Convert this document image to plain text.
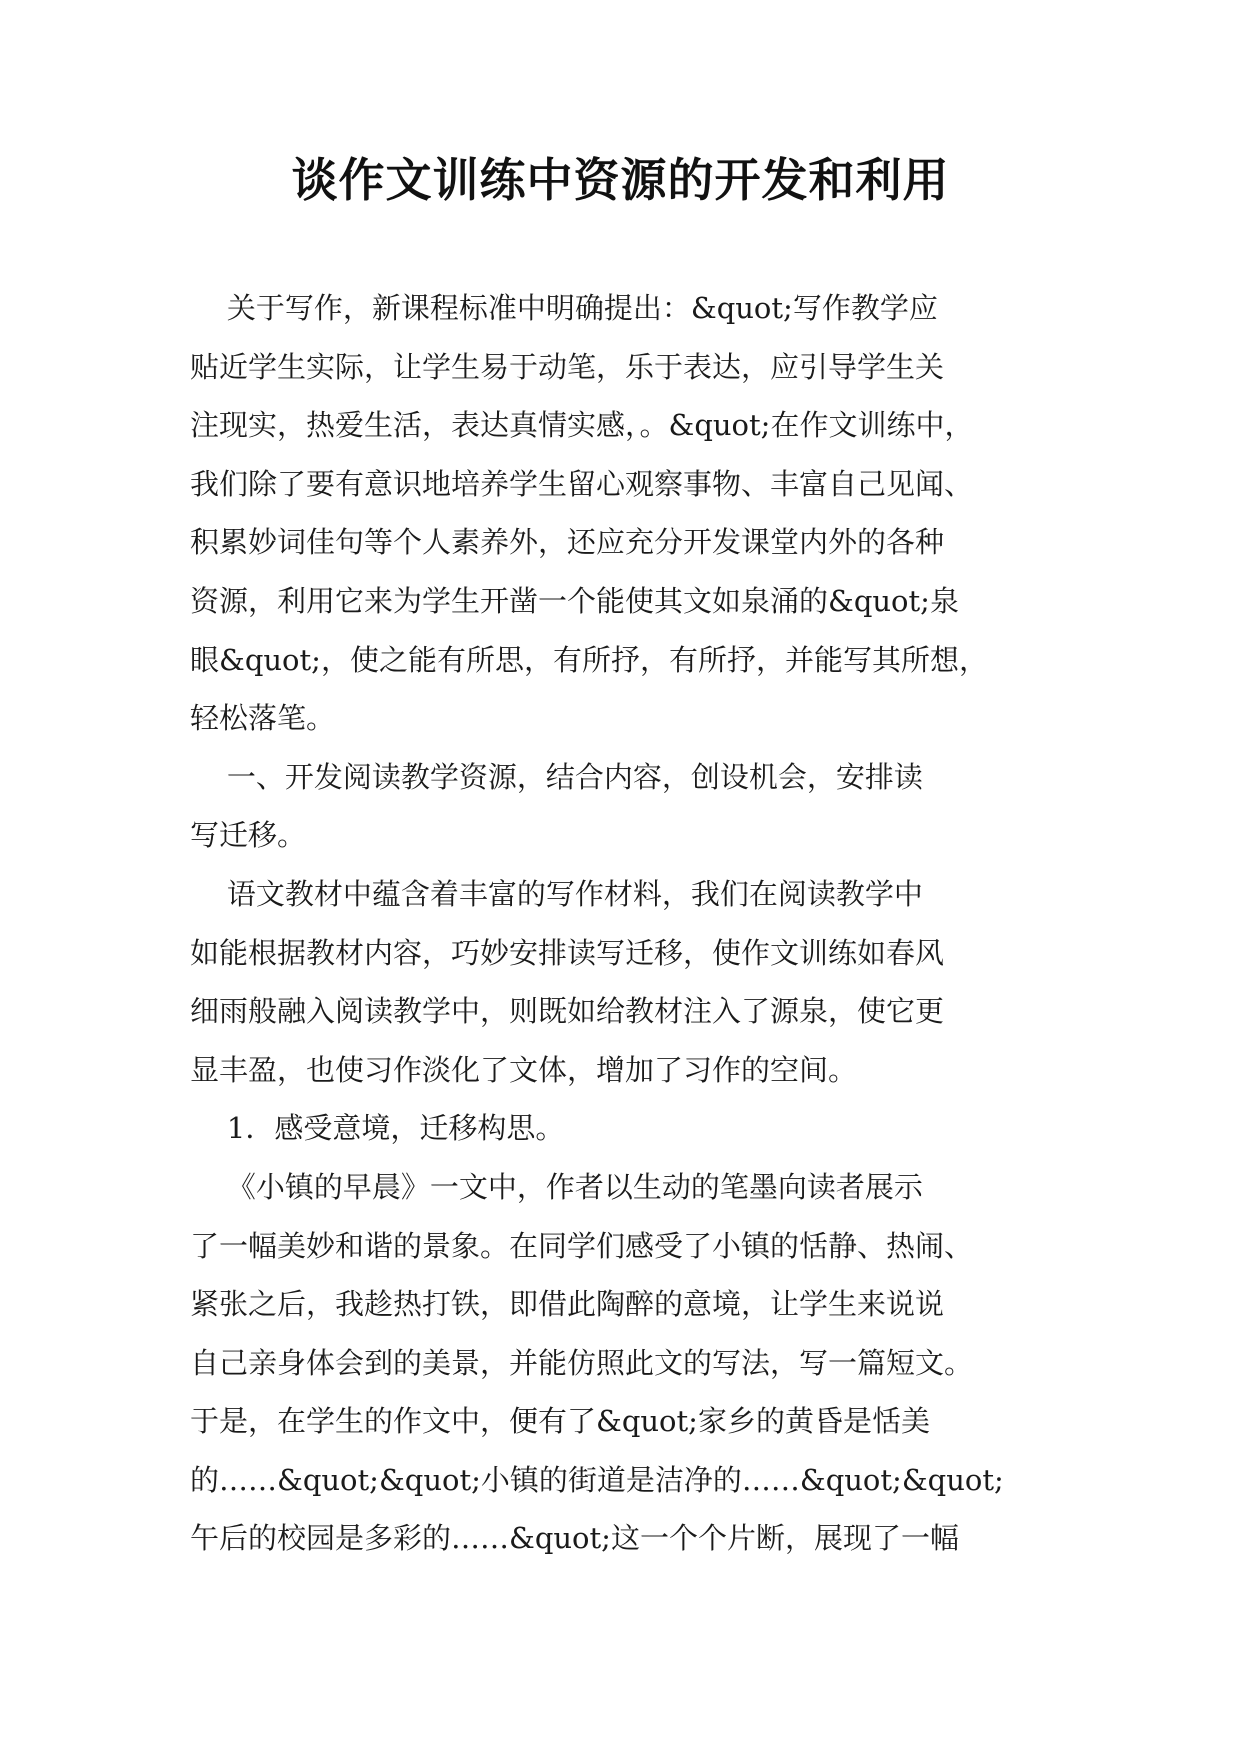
谈作文训练中资源的开发和利用
关于写作，新课程标准中明确提出：&quot;写作教学应
贴近学生实际，让学生易于动笔，乐于表达，应引导学生关
注现实，热爱生活，表达真情实感，。&quot;在作文训练中，
我们除了要有意识地培养学生留心观察事物、丰富自己见闻、
积累妙词佳句等个人素养外，还应充分开发课堂内外的各种
资源，利用它来为学生开凿一个能使其文如泉涌的&quot;泉
眼&quot;，使之能有所思，有所抒，有所抒，并能写其所想，
轻松落笔。
一、开发阅读教学资源，结合内容，创设机会，安排读
写迁移。
语文教材中蕴含着丰富的写作材料，我们在阅读教学中
如能根据教材内容，巧妙安排读写迁移，使作文训练如春风
细雨般融入阅读教学中，则既如给教材注入了源泉，使它更
显丰盈，也使习作淡化了文体，增加了习作的空间。
1．感受意境，迁移构思。
《小镇的早晨》一文中，作者以生动的笔墨向读者展示
了一幅美妙和谐的景象。在同学们感受了小镇的恬静、热闹、
紧张之后，我趁热打铁，即借此陶醉的意境，让学生来说说
自己亲身体会到的美景，并能仿照此文的写法，写一篇短文。
于是，在学生的作文中，便有了&quot;家乡的黄昏是恬美
的……&quot;&quot;小镇的街道是洁净的……&quot;&quot;
午后的校园是多彩的……&quot;这一个个片断，展现了一幅
